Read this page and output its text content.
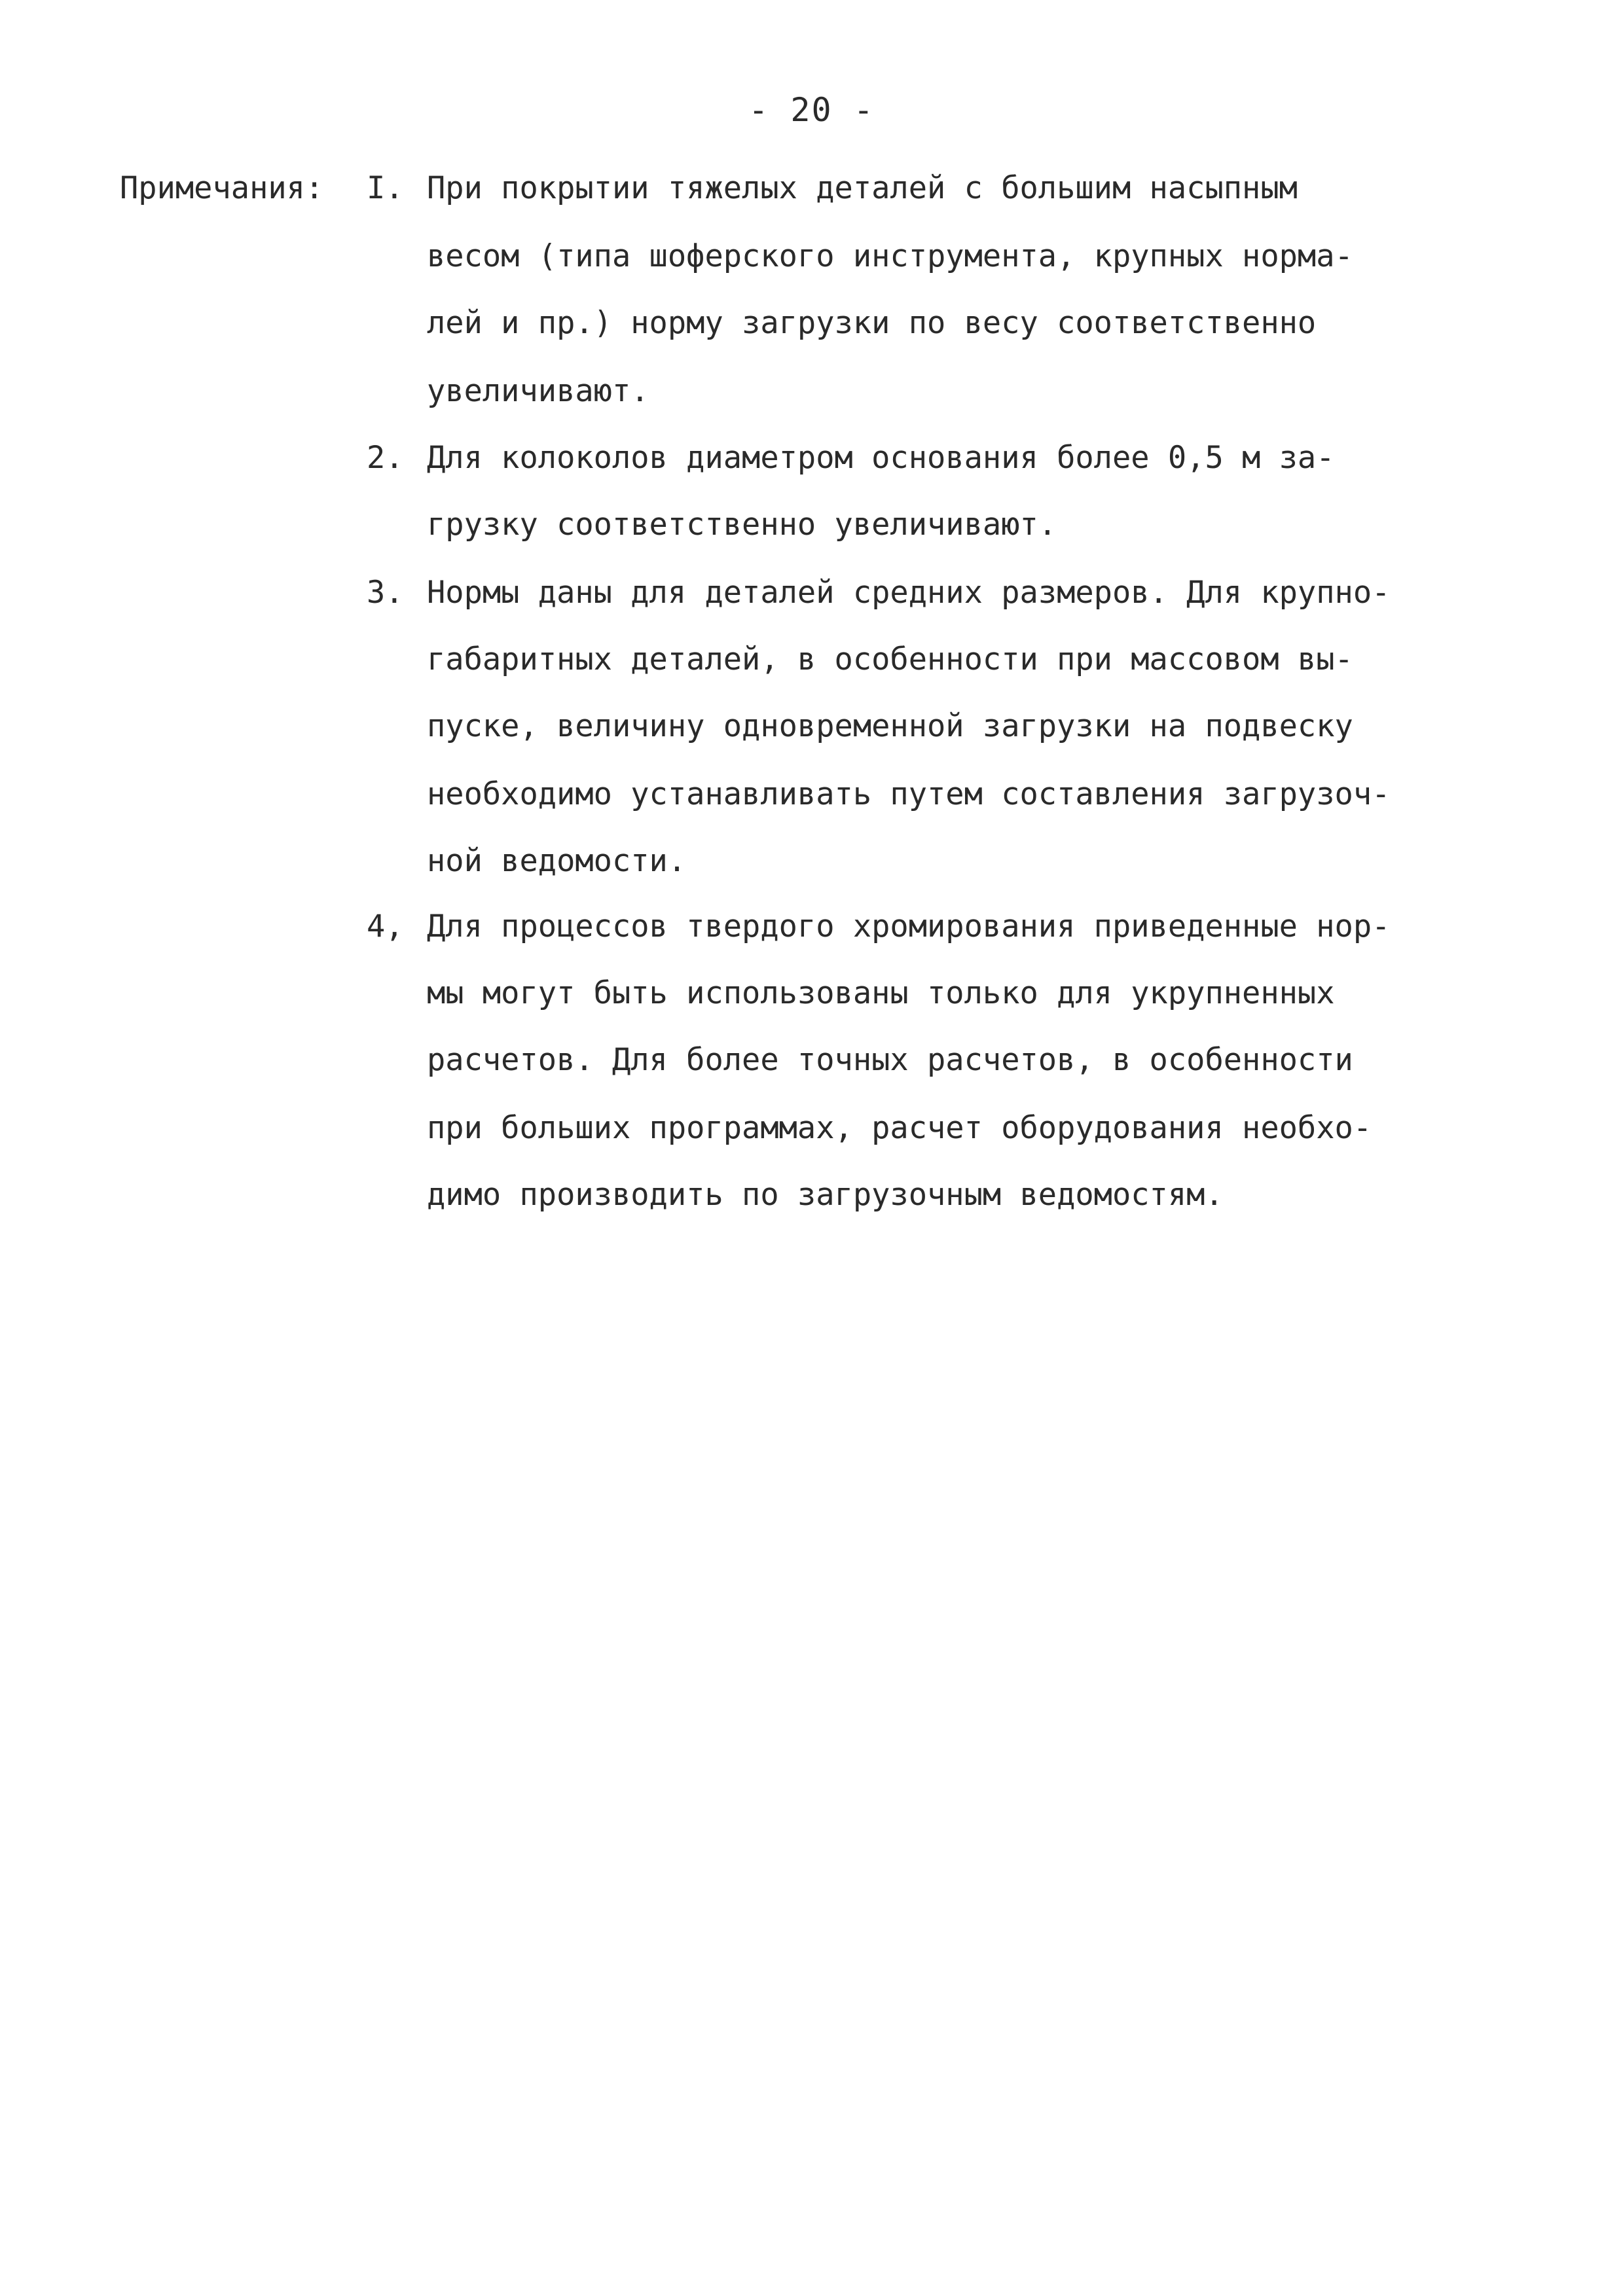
- 20 -
Примечания: I. При покрытии тяжелых деталей с большим насыпным
весом (типа шоферского инструмента, крупных нормa-
лей и пр.) норму загрузки по весу соответственно
увеличивают.
2. Для колоколов диаметром основания более 0,5 м за-
грузку соответственно увеличивают.
3. Нормы даны для деталей средних размеров. Для крупно-
габаритных деталей, в особенности при массовом вы-
пуске, величину одновременной загрузки на подвеску
необходимо устанавливать путем составления загрузоч-
ной ведомости.
4, Для процессов твердого хромирования приведенные нор-
мы могут быть использованы только для укрупненных
расчетов. Для более точных расчетов, в особенности
при больших программах, расчет оборудования необхо-
димо производить по загрузочным ведомостям.
